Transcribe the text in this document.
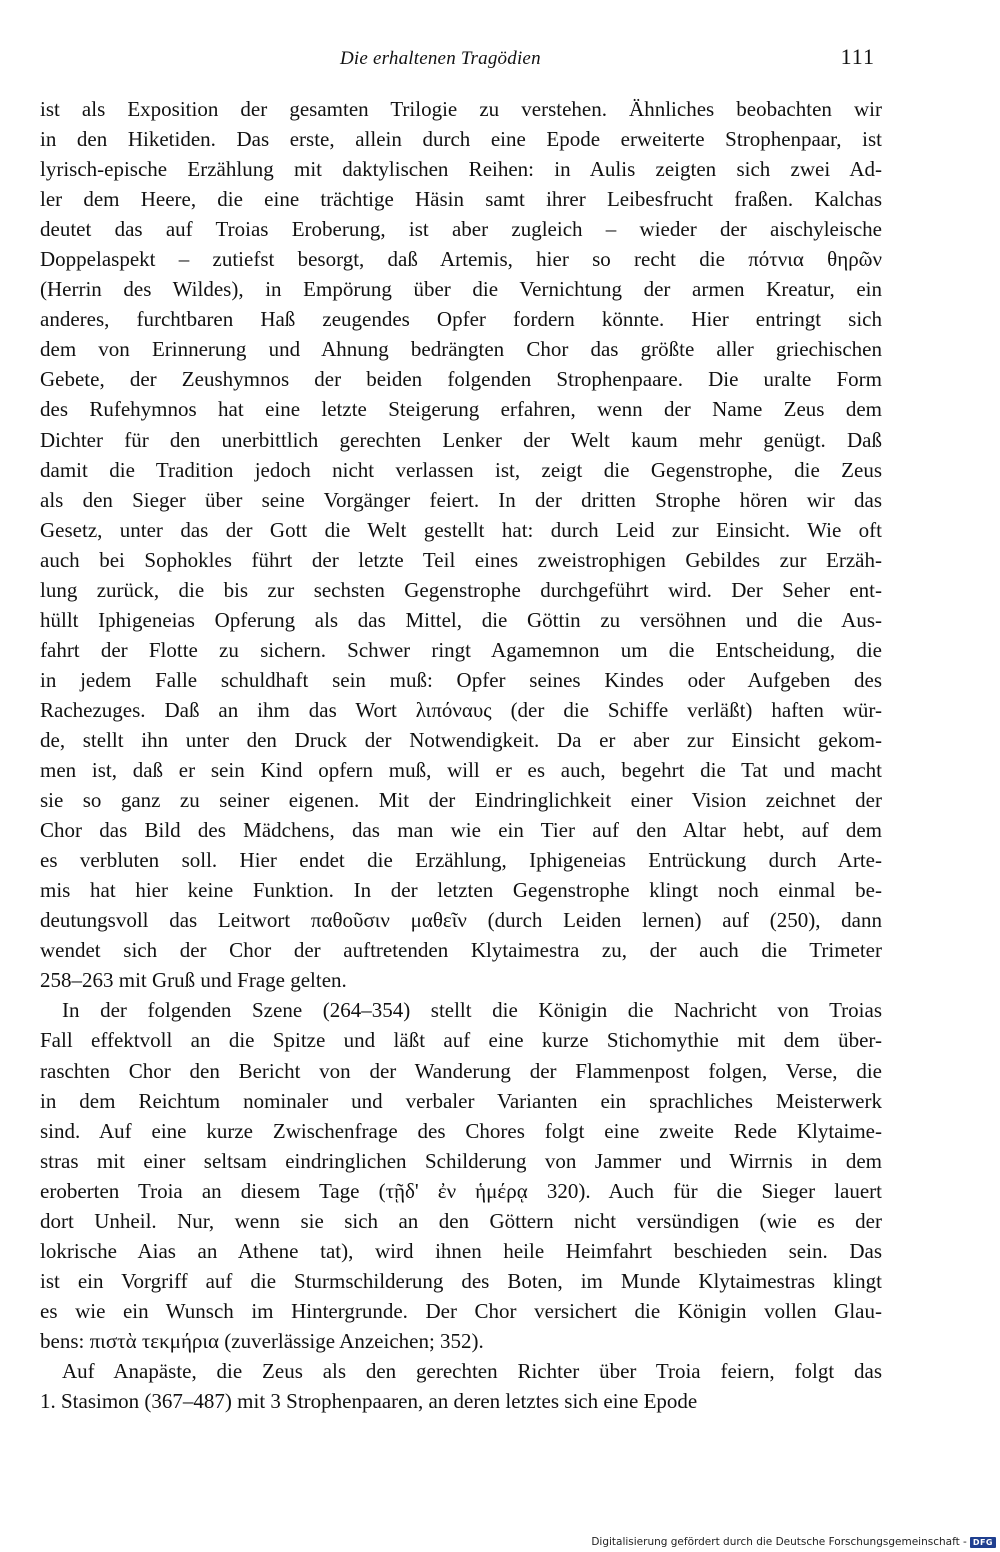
Die erhaltenen Tragödien	111
ist als Exposition der gesamten Trilogie zu verstehen. Ähnliches beobachten wir
in den Hiketiden. Das erste, allein durch eine Epode erweiterte Strophenpaar, ist
lyrisch-epische Erzählung mit daktylischen Reihen: in Aulis zeigten sich zwei Ad-
ler dem Heere, die eine trächtige Häsin samt ihrer Leibesfrucht fraßen. Kalchas
deutet das auf Troias Eroberung, ist aber zugleich – wieder der aischyleische
Doppelaspekt – zutiefst besorgt, daß Artemis, hier so recht die πότνια θηρῶν
(Herrin des Wildes), in Empörung über die Vernichtung der armen Kreatur, ein
anderes, furchtbaren Haß zeugendes Opfer fordern könnte. Hier entringt sich
dem von Erinnerung und Ahnung bedrängten Chor das größte aller griechischen
Gebete, der Zeushymnos der beiden folgenden Strophenpaare. Die uralte Form
des Rufehymnos hat eine letzte Steigerung erfahren, wenn der Name Zeus dem
Dichter für den unerbittlich gerechten Lenker der Welt kaum mehr genügt. Daß
damit die Tradition jedoch nicht verlassen ist, zeigt die Gegenstrophe, die Zeus
als den Sieger über seine Vorgänger feiert. In der dritten Strophe hören wir das
Gesetz, unter das der Gott die Welt gestellt hat: durch Leid zur Einsicht. Wie oft
auch bei Sophokles führt der letzte Teil eines zweistrophigen Gebildes zur Erzäh-
lung zurück, die bis zur sechsten Gegenstrophe durchgeführt wird. Der Seher ent-
hüllt Iphigeneias Opferung als das Mittel, die Göttin zu versöhnen und die Aus-
fahrt der Flotte zu sichern. Schwer ringt Agamemnon um die Entscheidung, die
in jedem Falle schuldhaft sein muß: Opfer seines Kindes oder Aufgeben des
Rachezuges. Daß an ihm das Wort λιπόναυς (der die Schiffe verläßt) haften wür-
de, stellt ihn unter den Druck der Notwendigkeit. Da er aber zur Einsicht gekom-
men ist, daß er sein Kind opfern muß, will er es auch, begehrt die Tat und macht
sie so ganz zu seiner eigenen. Mit der Eindringlichkeit einer Vision zeichnet der
Chor das Bild des Mädchens, das man wie ein Tier auf den Altar hebt, auf dem
es verbluten soll. Hier endet die Erzählung, Iphigeneias Entrückung durch Arte-
mis hat hier keine Funktion. In der letzten Gegenstrophe klingt noch einmal be-
deutungsvoll das Leitwort παθοῦσιν μαθεῖν (durch Leiden lernen) auf (250), dann
wendet sich der Chor der auftretenden Klytaimestra zu, der auch die Trimeter
258–263 mit Gruß und Frage gelten.
In der folgenden Szene (264–354) stellt die Königin die Nachricht von Troias
Fall effektvoll an die Spitze und läßt auf eine kurze Stichomythie mit dem über-
raschten Chor den Bericht von der Wanderung der Flammenpost folgen, Verse, die
in dem Reichtum nominaler und verbaler Varianten ein sprachliches Meisterwerk
sind. Auf eine kurze Zwischenfrage des Chores folgt eine zweite Rede Klytaime-
stras mit einer seltsam eindringlichen Schilderung von Jammer und Wirrnis in dem
eroberten Troia an diesem Tage (τῇδ' ἐν ἡμέρᾳ 320). Auch für die Sieger lauert
dort Unheil. Nur, wenn sie sich an den Göttern nicht versündigen (wie es der
lokrische Aias an Athene tat), wird ihnen heile Heimfahrt beschieden sein. Das
ist ein Vorgriff auf die Sturmschilderung des Boten, im Munde Klytaimestras klingt
es wie ein Wunsch im Hintergrunde. Der Chor versichert die Königin vollen Glau-
bens: πιστὰ τεκμήρια (zuverlässige Anzeichen; 352).
Auf Anapäste, die Zeus als den gerechten Richter über Troia feiern, folgt das
1. Stasimon (367–487) mit 3 Strophenpaaren, an deren letztes sich eine Epode
Digitalisierung gefördert durch die Deutsche Forschungsgemeinschaft - DFG
